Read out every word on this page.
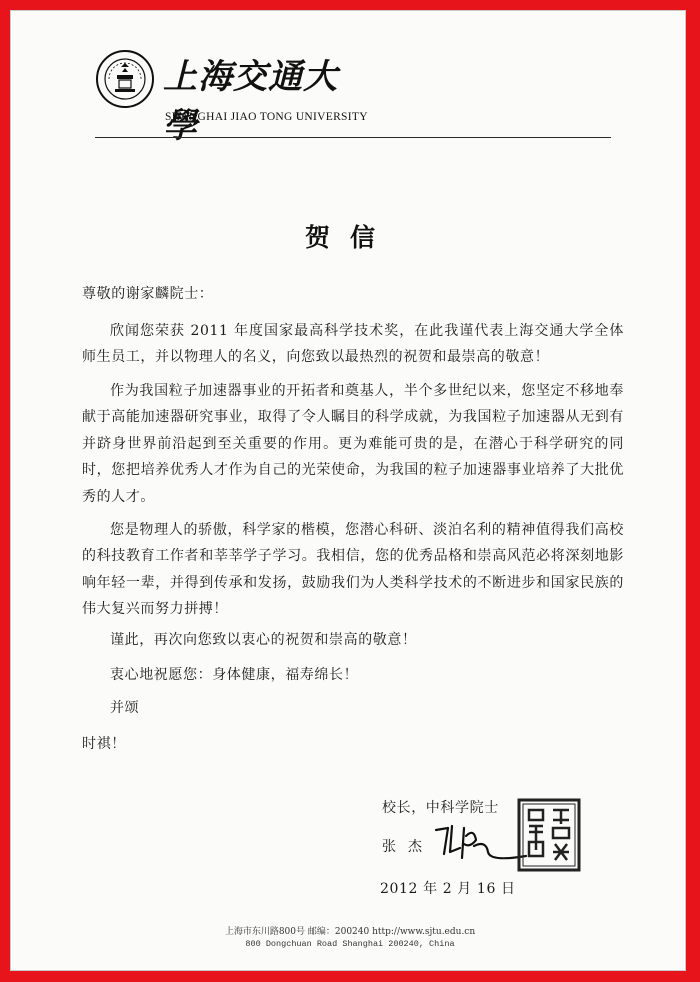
上海交通大學
SHANGHAI JIAO TONG UNIVERSITY
贺信
尊敬的谢家麟院士：

欣闻您荣获 2011 年度国家最高科学技术奖，在此我谨代表上海交通大学全体师生员工，并以物理人的名义，向您致以最热烈的祝贺和最崇高的敬意！

作为我国粒子加速器事业的开拓者和奠基人，半个多世纪以来，您坚定不移地奉献于高能加速器研究事业，取得了令人瞩目的科学成就，为我国粒子加速器从无到有并跻身世界前沿起到至关重要的作用。更为难能可贵的是，在潜心于科学研究的同时，您把培养优秀人才作为自己的光荣使命，为我国的粒子加速器事业培养了大批优秀的人才。

您是物理人的骄傲，科学家的楷模，您潜心科研、淡泊名利的精神值得我们高校的科技教育工作者和莘莘学子学习。我相信，您的优秀品格和崇高风范必将深刻地影响年轻一辈，并得到传承和发扬，鼓励我们为人类科学技术的不断进步和国家民族的伟大复兴而努力拼搏！

谨此，再次向您致以衷心的祝贺和崇高的敬意！
衷心地祝愿您：身体健康，福寿绵长！
并颂
时祺！
校长，中科学院士
张杰
2012 年 2 月 16 日
上海市东川路800号 邮编：200240 http://www.sjtu.edu.cn
800 Dongchuan Road Shanghai 200240, China
